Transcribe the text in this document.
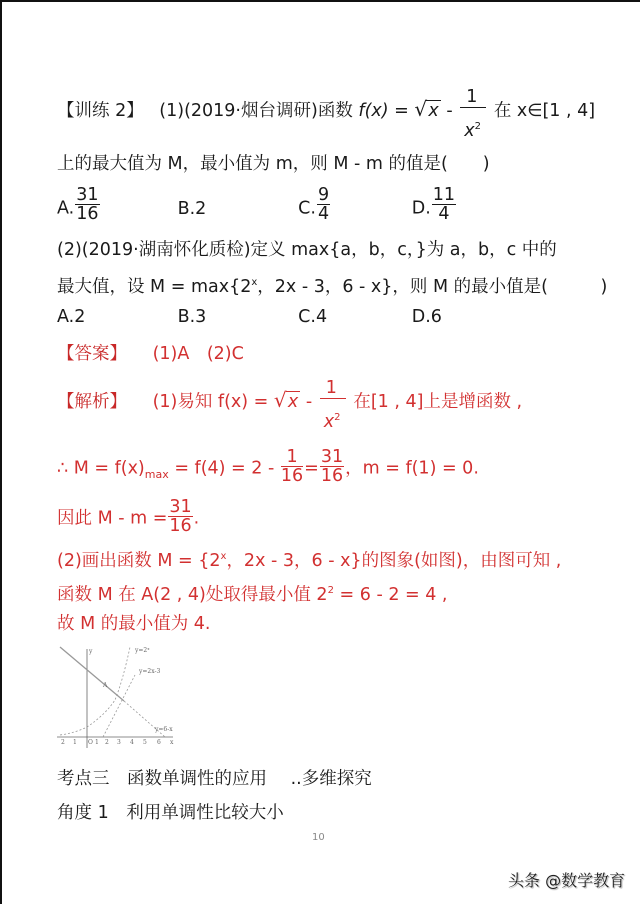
【训练 2】 (1)(2019·烟台调研)函数 f(x) = √ x - $\frac{1}{x^2}$ 在 x∈[1 , 4]
上的最大值为 M，最小值为 m，则 M - m 的值是(　　)
A. $\frac{31}{16}$	B.2	C. $\frac{9}{4}$	D. $\frac{11}{4}$
(2)(2019·湖南怀化质检)定义 max{a，b，c，}为 a，b，c 中的
最大值，设 $M = \max\{2^x$，2x - 3，6 - x}，则 M 的最小值是(　　　)
A.2	B.3	C.4	D.6
【答案】 (1)A　(2)C
【解析】 (1)易知 f(x) = √ x - $\frac{1}{x^2}$ 在[1 , 4]上是增函数 ,
∴ $M = f(x)_{max} = f(4) = 2 - \frac{1}{16} = \frac{31}{16}$ ，m = f(1) = 0.
因此 $M - m = \frac{31}{16}$ .
(2)画出函数 $M = \{2^x$，2x - 3，6 - x}的图象(如图)，由图可知 ,
函数 M 在 A(2 , 4)处取得最小值 $2^2 = 6 - 2 = 4$ ,
故 M 的最小值为 4.
y=2ˣ
y=2x-3
y=6-x
A
y
x
2 1 O 1 2 3 4 5 6
考点三　函数单调性的应用 ..多维探究
角度 1　利用单调性比较大小
10
头条 @数学教育
